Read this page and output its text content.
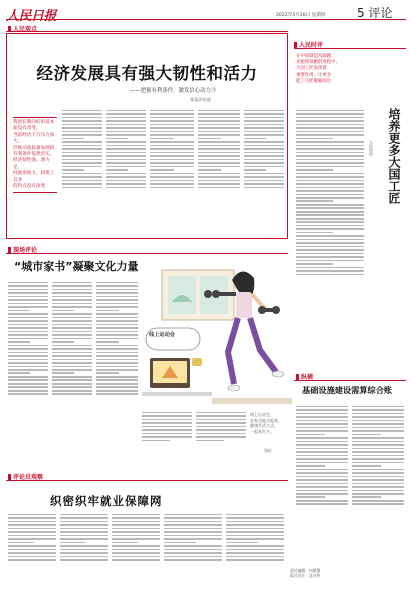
人民日报	2022年5月26日 星期四	5 评论
人民观点
经济发展具有强大韧性和活力
——把握有利条件，激发信心动力③
本报评论部

我国长期向好的基本面没有改变，

当前经济下行压力加大，

但推动高质量发展的

有利条件依然坚实，

经济韧性强、潜力足、

回旋余地大、政策工具多

的特点没有改变

人民时评

在中国制造从跟跑、

并跑到领跑的进程中，

大国工匠发挥着

重要作用，让更多

能工巧匠脱颖而出

培养更多大国工匠
人民时评
现场评论
“城市家书”凝聚文化力量
线上运动会
线上运动会，
在家也能动起来，
健康生活方式，
一起来打卡。
漫画
纵横
基础设施建设需算综合账
评论员观察
织密织牢就业保障网
责任编辑：何鼎鼎
版式设计：沈亦伶
